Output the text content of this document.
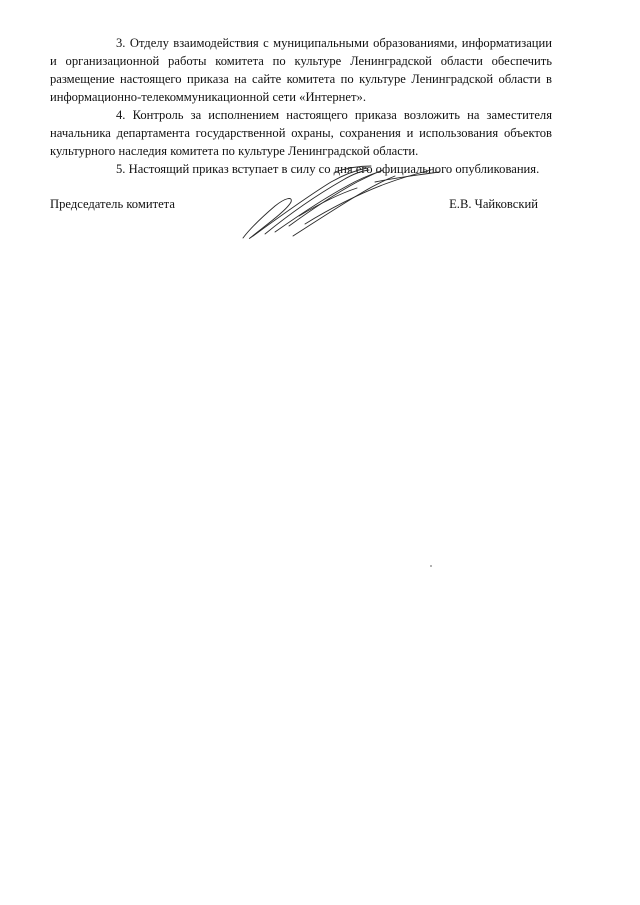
3. Отделу взаимодействия с муниципальными образованиями, информатизации и организационной работы комитета по культуре Ленинградской области обеспечить размещение настоящего приказа на сайте комитета по культуре Ленинградской области в информационно-телекоммуникационной сети «Интернет».

4. Контроль за исполнением настоящего приказа возложить на заместителя начальника департамента государственной охраны, сохранения и использования объектов культурного наследия комитета по культуре Ленинградской области.

5. Настоящий приказ вступает в силу со дня его официального опубликования.

Председатель комитета	Е.В. Чайковский
